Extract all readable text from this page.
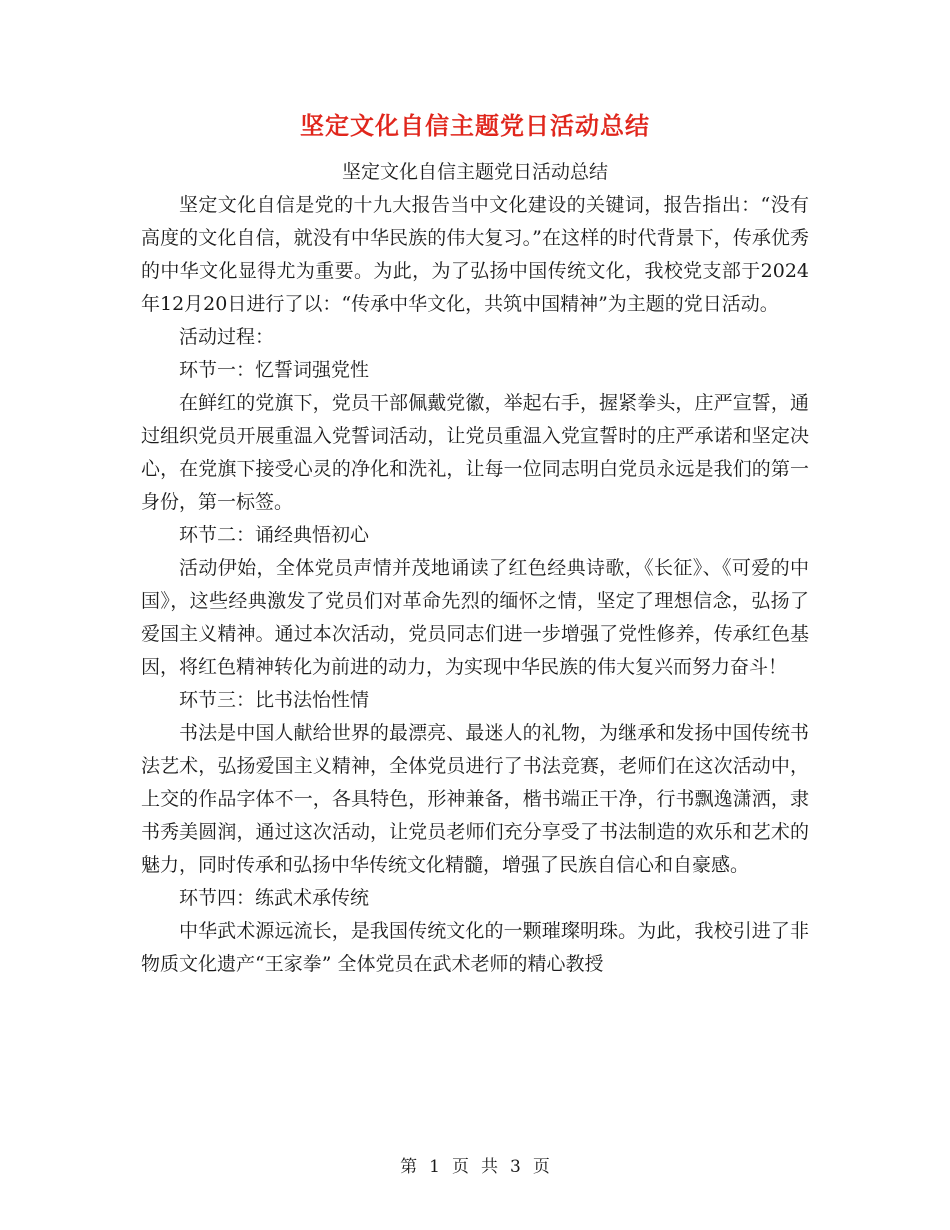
坚定文化自信主题党日活动总结

坚定文化自信主题党日活动总结

坚定文化自信是党的十九大报告当中文化建设的关键词，报告指出：“没有高度的文化自信，就没有中华民族的伟大复习。”在这样的时代背景下，传承优秀的中华文化显得尤为重要。为此，为了弘扬中国传统文化，我校党支部于2024年12月20日进行了以：“传承中华文化，共筑中国精神”为主题的党日活动。

活动过程：

环节一：忆誓词强党性

在鲜红的党旗下，党员干部佩戴党徽，举起右手，握紧拳头，庄严宣誓，通过组织党员开展重温入党誓词活动，让党员重温入党宣誓时的庄严承诺和坚定决心，在党旗下接受心灵的净化和洗礼，让每一位同志明白党员永远是我们的第一身份，第一标签。

环节二：诵经典悟初心

活动伊始，全体党员声情并茂地诵读了红色经典诗歌，《长征》、《可爱的中国》，这些经典激发了党员们对革命先烈的缅怀之情，坚定了理想信念，弘扬了爱国主义精神。通过本次活动，党员同志们进一步增强了党性修养，传承红色基因，将红色精神转化为前进的动力，为实现中华民族的伟大复兴而努力奋斗！

环节三：比书法怡性情

书法是中国人献给世界的最漂亮、最迷人的礼物，为继承和发扬中国传统书法艺术，弘扬爱国主义精神，全体党员进行了书法竞赛，老师们在这次活动中，上交的作品字体不一，各具特色，形神兼备，楷书端正干净，行书飘逸潇洒，隶书秀美圆润，通过这次活动，让党员老师们充分享受了书法制造的欢乐和艺术的魅力，同时传承和弘扬中华传统文化精髓，增强了民族自信心和自豪感。

环节四：练武术承传统

中华武术源远流长，是我国传统文化的一颗璀璨明珠。为此，我校引进了非物质文化遗产“王家拳” 全体党员在武术老师的精心教授

第 1 页 共 3 页
